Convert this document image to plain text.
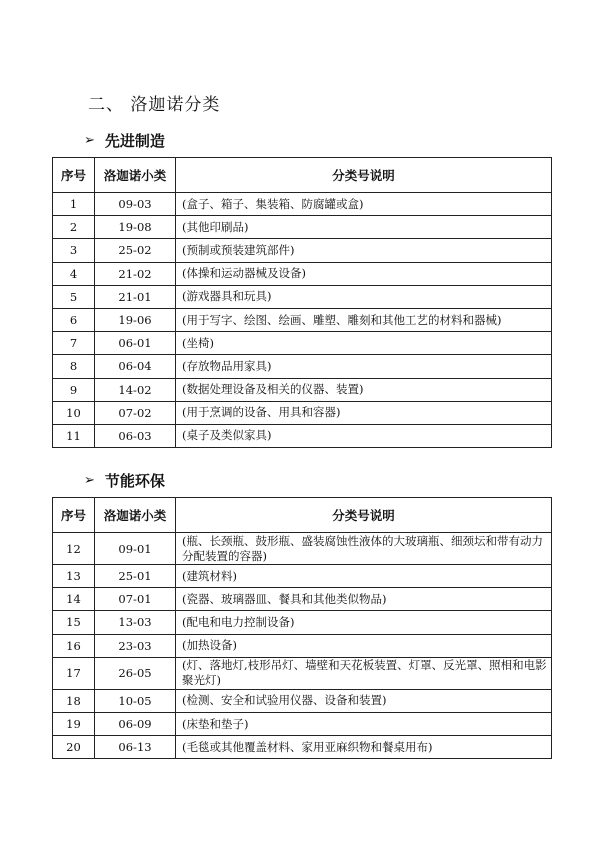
二、 洛迦诺分类
➢ 先进制造
序号	洛迦诺小类	分类号说明
1	09-03	(盒子、箱子、集装箱、防腐罐或盒)
2	19-08	(其他印刷品)
3	25-02	(预制或预装建筑部件)
4	21-02	(体操和运动器械及设备)
5	21-01	(游戏器具和玩具)
6	19-06	(用于写字、绘图、绘画、雕塑、雕刻和其他工艺的材料和器械)
7	06-01	(坐椅)
8	06-04	(存放物品用家具)
9	14-02	(数据处理设备及相关的仪器、装置)
10	07-02	(用于烹调的设备、用具和容器)
11	06-03	(桌子及类似家具)
➢ 节能环保
序号	洛迦诺小类	分类号说明
12	09-01	(瓶、长颈瓶、鼓形瓶、盛装腐蚀性液体的大玻璃瓶、细颈坛和带有动力分配装置的容器)
13	25-01	(建筑材料)
14	07-01	(瓷器、玻璃器皿、餐具和其他类似物品)
15	13-03	(配电和电力控制设备)
16	23-03	(加热设备)
17	26-05	(灯、落地灯,枝形吊灯、墙壁和天花板装置、灯罩、反光罩、照相和电影聚光灯)
18	10-05	(检测、安全和试验用仪器、设备和装置)
19	06-09	(床垫和垫子)
20	06-13	(毛毯或其他覆盖材料、家用亚麻织物和餐桌用布)
